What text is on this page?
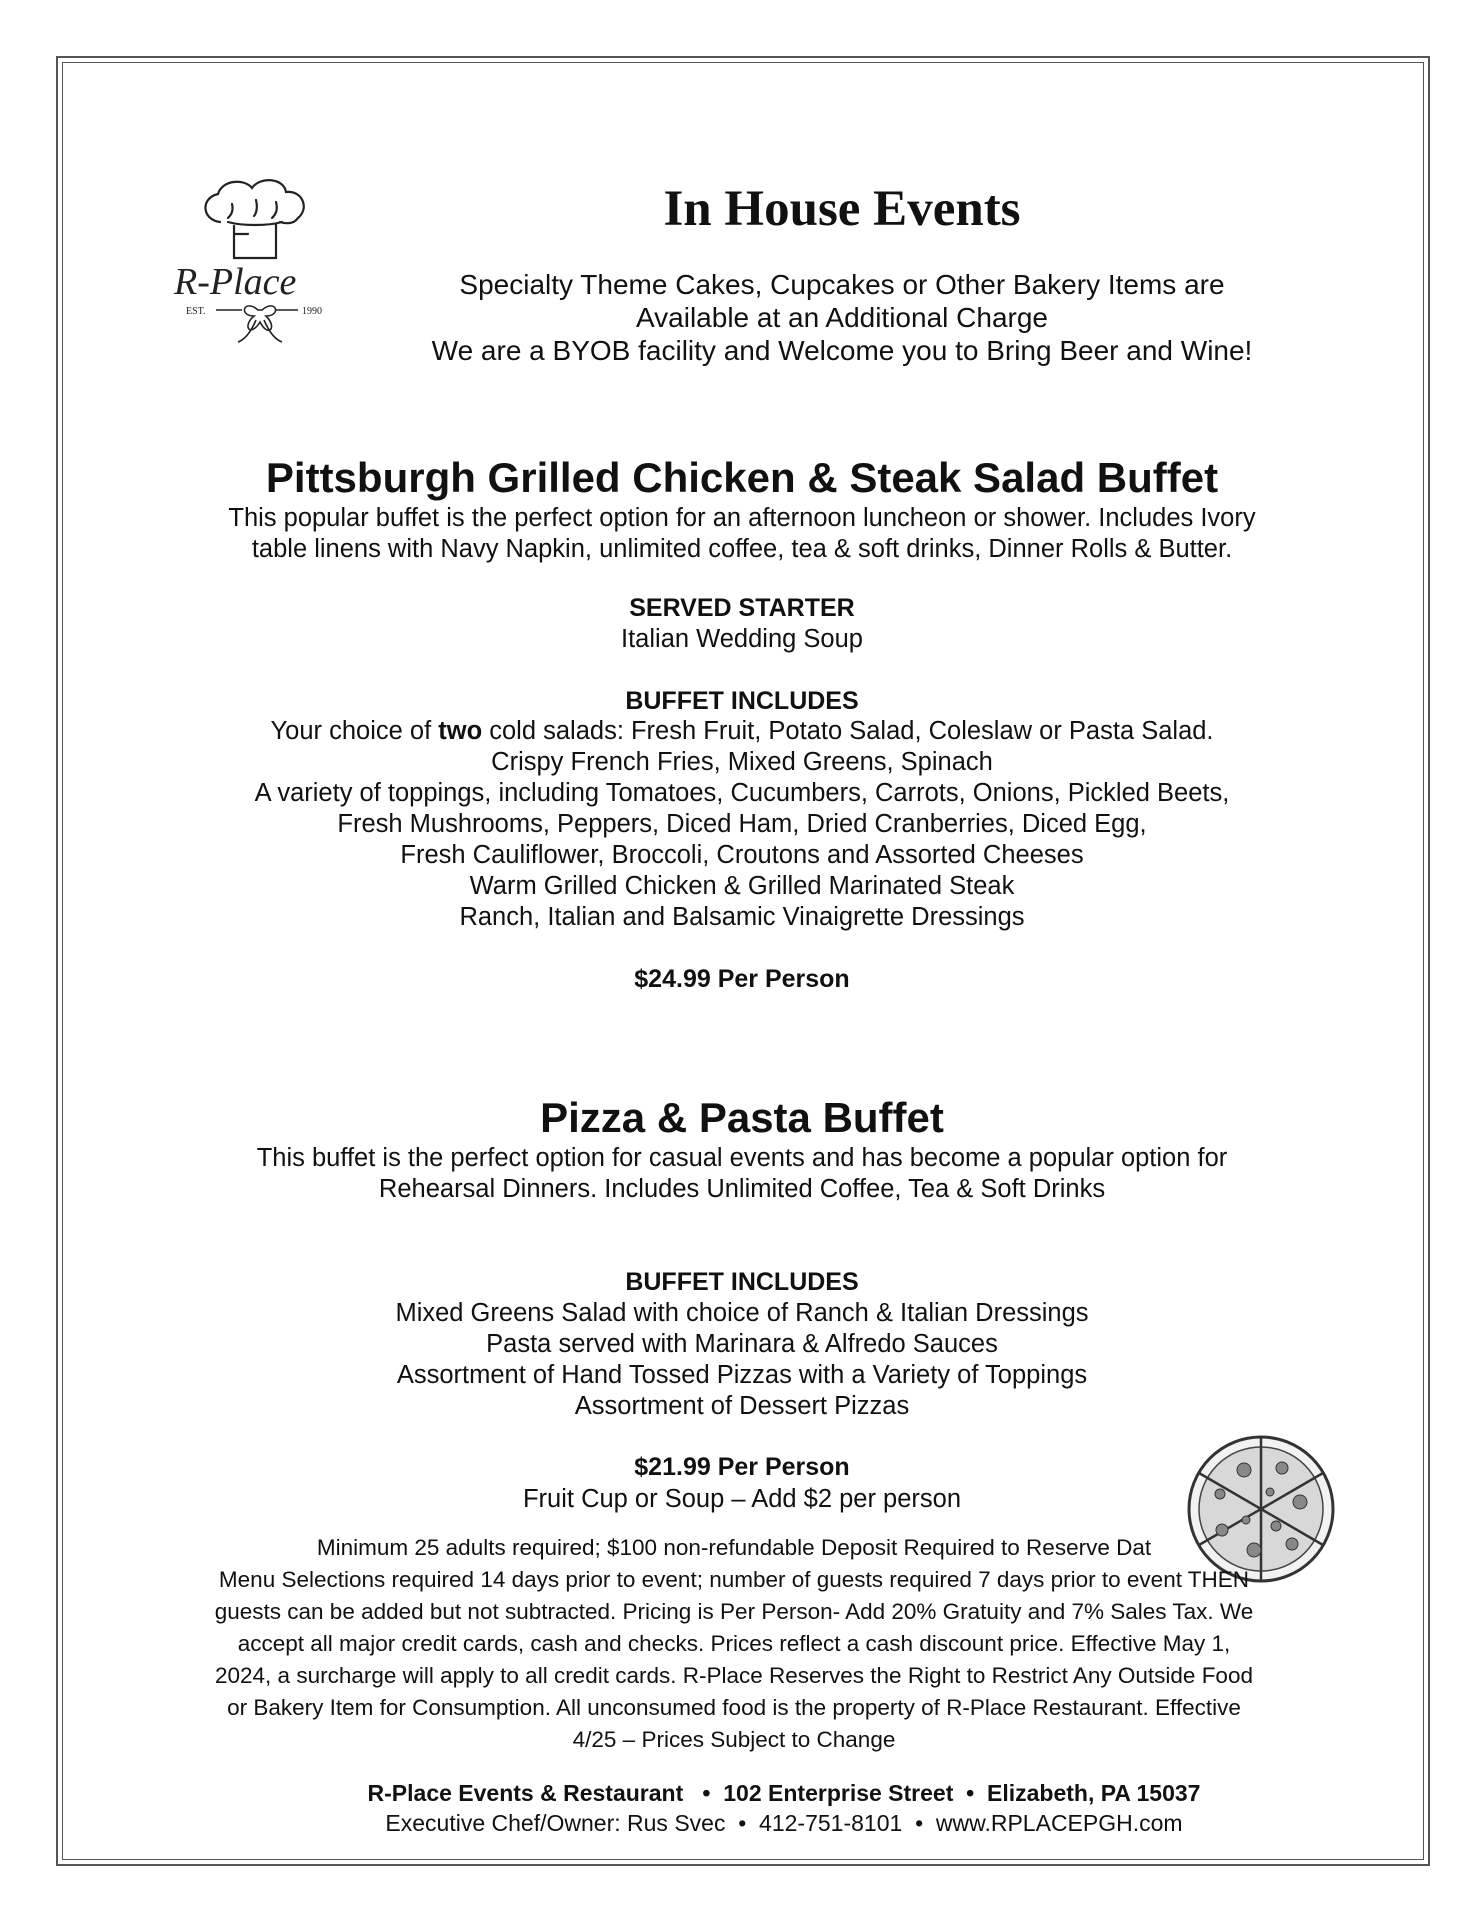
R-Place
EST.	1990
In House Events
Specialty Theme Cakes, Cupcakes or Other Bakery Items are
Available at an Additional Charge
We are a BYOB facility and Welcome you to Bring Beer and Wine!
Pittsburgh Grilled Chicken & Steak Salad Buffet
This popular buffet is the perfect option for an afternoon luncheon or shower. Includes Ivory
table linens with Navy Napkin, unlimited coffee, tea & soft drinks, Dinner Rolls & Butter.
SERVED STARTER
Italian Wedding Soup
BUFFET INCLUDES
Your choice of two cold salads: Fresh Fruit, Potato Salad, Coleslaw or Pasta Salad.
Crispy French Fries, Mixed Greens, Spinach
A variety of toppings, including Tomatoes, Cucumbers, Carrots, Onions, Pickled Beets,
Fresh Mushrooms, Peppers, Diced Ham, Dried Cranberries, Diced Egg,
Fresh Cauliflower, Broccoli, Croutons and Assorted Cheeses
Warm Grilled Chicken & Grilled Marinated Steak
Ranch, Italian and Balsamic Vinaigrette Dressings
$24.99 Per Person
Pizza & Pasta Buffet
This buffet is the perfect option for casual events and has become a popular option for
Rehearsal Dinners. Includes Unlimited Coffee, Tea & Soft Drinks
BUFFET INCLUDES
Mixed Greens Salad with choice of Ranch & Italian Dressings
Pasta served with Marinara & Alfredo Sauces
Assortment of Hand Tossed Pizzas with a Variety of Toppings
Assortment of Dessert Pizzas
$21.99 Per Person
Fruit Cup or Soup – Add $2 per person
Minimum 25 adults required; $100 non-refundable Deposit Required to Reserve Dat
Menu Selections required 14 days prior to event; number of guests required 7 days prior to event THEN
guests can be added but not subtracted. Pricing is Per Person- Add 20% Gratuity and 7% Sales Tax. We
accept all major credit cards, cash and checks. Prices reflect a cash discount price. Effective May 1,
2024, a surcharge will apply to all credit cards. R-Place Reserves the Right to Restrict Any Outside Food
or Bakery Item for Consumption. All unconsumed food is the property of R-Place Restaurant. Effective
4/25 – Prices Subject to Change
R-Place Events & Restaurant   •  102 Enterprise Street  •  Elizabeth, PA 15037
Executive Chef/Owner: Rus Svec  •  412-751-8101  •  www.RPLACEPGH.com
